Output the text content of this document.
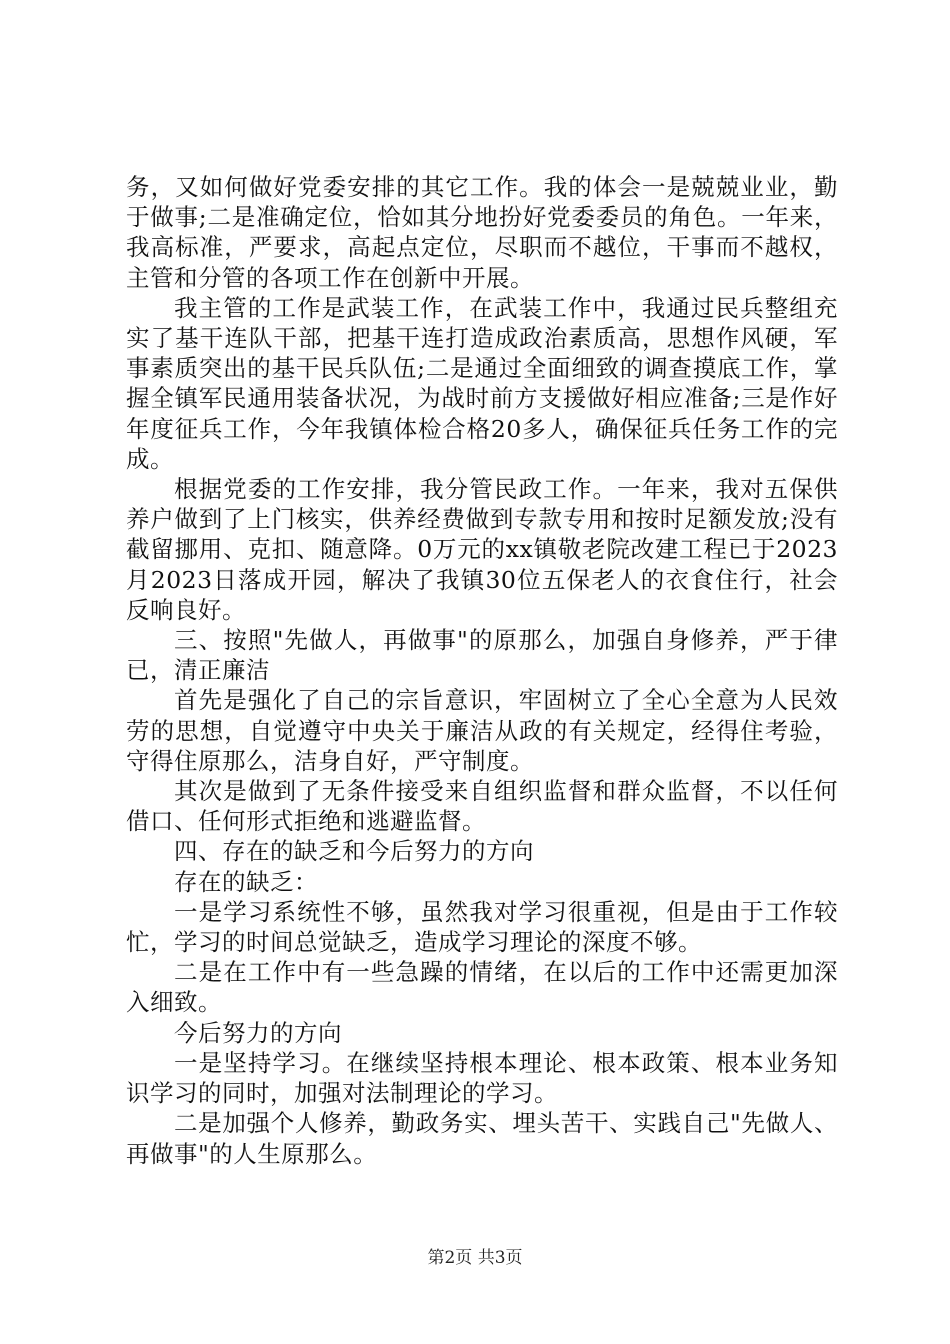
务，又如何做好党委安排的其它工作。我的体会一是兢兢业业，勤于做事;二是准确定位，恰如其分地扮好党委委员的角色。一年来，我高标准，严要求，高起点定位，尽职而不越位，干事而不越权，主管和分管的各项工作在创新中开展。

我主管的工作是武装工作，在武装工作中，我通过民兵整组充实了基干连队干部，把基干连打造成政治素质高，思想作风硬，军事素质突出的基干民兵队伍;二是通过全面细致的调查摸底工作，掌握全镇军民通用装备状况，为战时前方支援做好相应准备;三是作好年度征兵工作，今年我镇体检合格20多人，确保征兵任务工作的完成。

根据党委的工作安排，我分管民政工作。一年来，我对五保供养户做到了上门核实，供养经费做到专款专用和按时足额发放;没有截留挪用、克扣、随意降。0万元的xx镇敬老院改建工程已于2023月2023日落成开园，解决了我镇30位五保老人的衣食住行，社会反响良好。

三、按照"先做人，再做事"的原那么，加强自身修养，严于律已，清正廉洁

首先是强化了自己的宗旨意识，牢固树立了全心全意为人民效劳的思想，自觉遵守中央关于廉洁从政的有关规定，经得住考验，守得住原那么，洁身自好，严守制度。

其次是做到了无条件接受来自组织监督和群众监督，不以任何借口、任何形式拒绝和逃避监督。

四、存在的缺乏和今后努力的方向

存在的缺乏：

一是学习系统性不够，虽然我对学习很重视，但是由于工作较忙，学习的时间总觉缺乏，造成学习理论的深度不够。

二是在工作中有一些急躁的情绪，在以后的工作中还需更加深入细致。

今后努力的方向

一是坚持学习。在继续坚持根本理论、根本政策、根本业务知识学习的同时，加强对法制理论的学习。

二是加强个人修养，勤政务实、埋头苦干、实践自己"先做人、再做事"的人生原那么。

第2页 共3页
